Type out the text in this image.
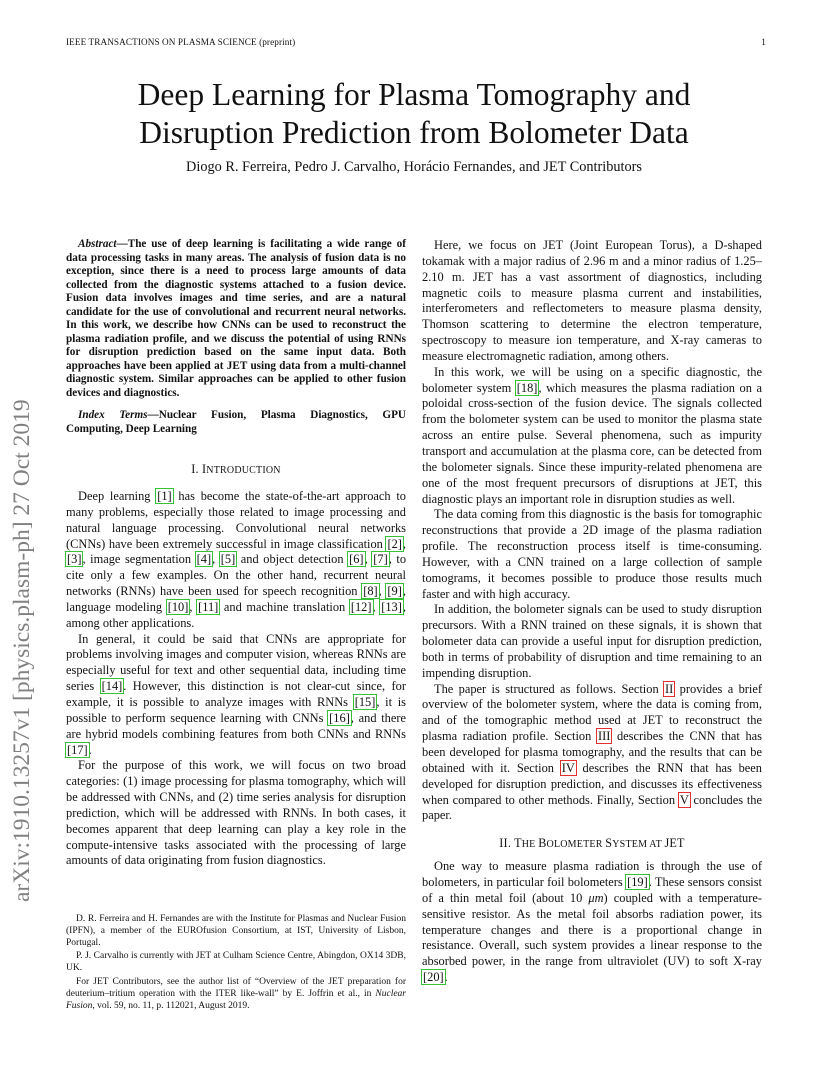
IEEE TRANSACTIONS ON PLASMA SCIENCE (preprint)	1
Deep Learning for Plasma Tomography and
Disruption Prediction from Bolometer Data
Diogo R. Ferreira, Pedro J. Carvalho, Horácio Fernandes, and JET Contributors
arXiv:1910.13257v1 [physics.plasm-ph] 27 Oct 2019

Abstract—The use of deep learning is facilitating a wide range of data processing tasks in many areas. The analysis of fusion data is no exception, since there is a need to process large amounts of data collected from the diagnostic systems attached to a fusion device. Fusion data involves images and time series, and are a natural candidate for the use of convolutional and recurrent neural networks. In this work, we describe how CNNs can be used to reconstruct the plasma radiation profile, and we discuss the potential of using RNNs for disruption prediction based on the same input data. Both approaches have been applied at JET using data from a multi-channel diagnostic system. Similar approaches can be applied to other fusion devices and diagnostics.

Index Terms—Nuclear Fusion, Plasma Diagnostics, GPU Computing, Deep Learning

I. INTRODUCTION

Deep learning [1] has become the state-of-the-art approach to many problems, especially those related to image processing and natural language processing. Convolutional neural networks (CNNs) have been extremely successful in image classification [2], [3], image segmentation [4], [5] and object detection [6], [7], to cite only a few examples. On the other hand, recurrent neural networks (RNNs) have been used for speech recognition [8], [9], language modeling [10], [11] and machine translation [12], [13], among other applications.

In general, it could be said that CNNs are appropriate for problems involving images and computer vision, whereas RNNs are especially useful for text and other sequential data, including time series [14]. However, this distinction is not clear-cut since, for example, it is possible to analyze images with RNNs [15], it is possible to perform sequence learning with CNNs [16], and there are hybrid models combining features from both CNNs and RNNs [17].

For the purpose of this work, we will focus on two broad categories: (1) image processing for plasma tomography, which will be addressed with CNNs, and (2) time series analysis for disruption prediction, which will be addressed with RNNs. In both cases, it becomes apparent that deep learning can play a key role in the compute-intensive tasks associated with the processing of large amounts of data originating from fusion diagnostics.

D. R. Ferreira and H. Fernandes are with the Institute for Plasmas and Nuclear Fusion (IPFN), a member of the EUROfusion Consortium, at IST, University of Lisbon, Portugal.

P. J. Carvalho is currently with JET at Culham Science Centre, Abingdon, OX14 3DB, UK.

For JET Contributors, see the author list of “Overview of the JET preparation for deuterium–tritium operation with the ITER like-wall” by E. Joffrin et al., in Nuclear Fusion, vol. 59, no. 11, p. 112021, August 2019.

Here, we focus on JET (Joint European Torus), a D-shaped tokamak with a major radius of 2.96 m and a minor radius of 1.25–2.10 m. JET has a vast assortment of diagnostics, including magnetic coils to measure plasma current and instabilities, interferometers and reflectometers to measure plasma density, Thomson scattering to determine the electron temperature, spectroscopy to measure ion temperature, and X-ray cameras to measure electromagnetic radiation, among others.

In this work, we will be using on a specific diagnostic, the bolometer system [18], which measures the plasma radiation on a poloidal cross-section of the fusion device. The signals collected from the bolometer system can be used to monitor the plasma state across an entire pulse. Several phenomena, such as impurity transport and accumulation at the plasma core, can be detected from the bolometer signals. Since these impurity-related phenomena are one of the most frequent precursors of disruptions at JET, this diagnostic plays an important role in disruption studies as well.

The data coming from this diagnostic is the basis for tomographic reconstructions that provide a 2D image of the plasma radiation profile. The reconstruction process itself is time-consuming. However, with a CNN trained on a large collection of sample tomograms, it becomes possible to produce those results much faster and with high accuracy.

In addition, the bolometer signals can be used to study disruption precursors. With a RNN trained on these signals, it is shown that bolometer data can provide a useful input for disruption prediction, both in terms of probability of disruption and time remaining to an impending disruption.

The paper is structured as follows. Section II provides a brief overview of the bolometer system, where the data is coming from, and of the tomographic method used at JET to reconstruct the plasma radiation profile. Section III describes the CNN that has been developed for plasma tomography, and the results that can be obtained with it. Section IV describes the RNN that has been developed for disruption prediction, and discusses its effectiveness when compared to other methods. Finally, Section V concludes the paper.

II. THE BOLOMETER SYSTEM AT JET

One way to measure plasma radiation is through the use of bolometers, in particular foil bolometers [19]. These sensors consist of a thin metal foil (about 10 μm) coupled with a temperature-sensitive resistor. As the metal foil absorbs radiation power, its temperature changes and there is a proportional change in resistance. Overall, such system provides a linear response to the absorbed power, in the range from ultraviolet (UV) to soft X-ray [20].
